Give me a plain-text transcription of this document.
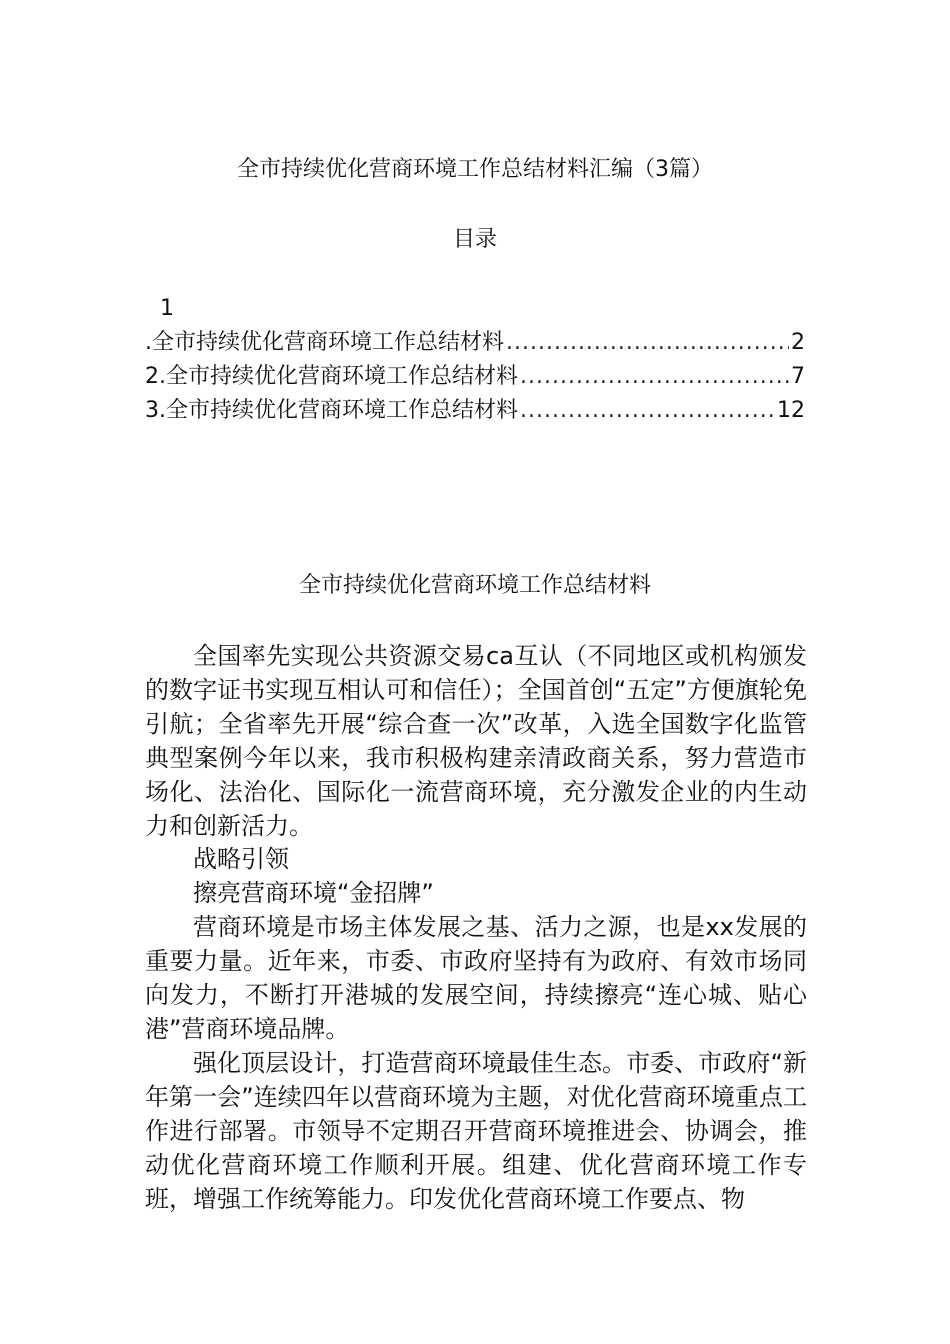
全市持续优化营商环境工作总结材料汇编（3篇）
目录
1
.全市持续优化营商环境工作总结材料 .....	2
2.全市持续优化营商环境工作总结材料 .....	7
3.全市持续优化营商环境工作总结材料 .....	12
全市持续优化营商环境工作总结材料

全国率先实现公共资源交易ca互认（不同地区或机构颁发的数字证书实现互相认可和信任）；全国首创“五定”方便旗轮免引航；全省率先开展“综合查一次”改革，入选全国数字化监管典型案例今年以来，我市积极构建亲清政商关系，努力营造市场化、法治化、国际化一流营商环境，充分激发企业的内生动力和创新活力。

战略引领

擦亮营商环境“金招牌”

营商环境是市场主体发展之基、活力之源，也是xx发展的重要力量。近年来，市委、市政府坚持有为政府、有效市场同向发力，不断打开港城的发展空间，持续擦亮“连心城、贴心港”营商环境品牌。

强化顶层设计，打造营商环境最佳生态。市委、市政府“新年第一会”连续四年以营商环境为主题，对优化营商环境重点工作进行部署。市领导不定期召开营商环境推进会、协调会，推动优化营商环境工作顺利开展。组建、优化营商环境工作专班，增强工作统筹能力。印发优化营商环境工作要点、物
